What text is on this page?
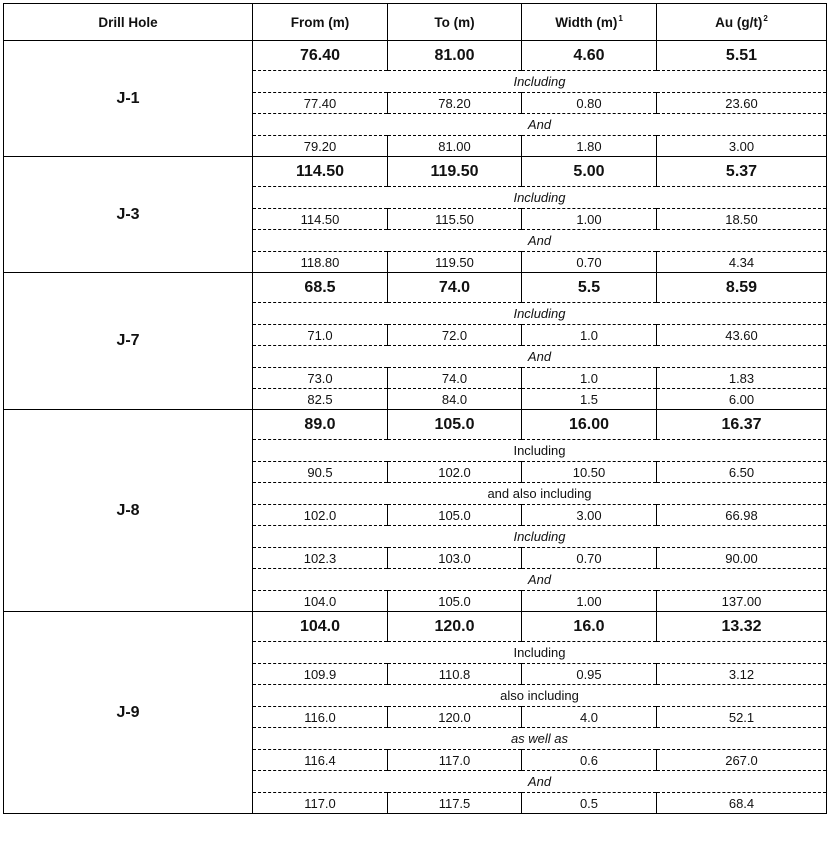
Drill Hole	From (m)	To (m)	Width $(m)^1$	Au $(g/t)^2$
J-1	76.40	81.00	4.60	5.51
	Including			
	77.40	78.20	0.80	23.60
	And			
	79.20	81.00	1.80	3.00
J-3	114.50	119.50	5.00	5.37
	Including			
	114.50	115.50	1.00	18.50
	And			
	118.80	119.50	0.70	4.34
J-7	68.5	74.0	5.5	8.59
	Including			
	71.0	72.0	1.0	43.60
	And			
	73.0	74.0	1.0	1.83
	82.5	84.0	1.5	6.00
J-8	89.0	105.0	16.00	16.37
	Including			
	90.5	102.0	10.50	6.50
	and also including			
	102.0	105.0	3.00	66.98
	Including			
	102.3	103.0	0.70	90.00
	And			
	104.0	105.0	1.00	137.00
J-9	104.0	120.0	16.0	13.32
	Including			
	109.9	110.8	0.95	3.12
	also including			
	116.0	120.0	4.0	52.1
	as well as			
	116.4	117.0	0.6	267.0
	And			
	117.0	117.5	0.5	68.4
